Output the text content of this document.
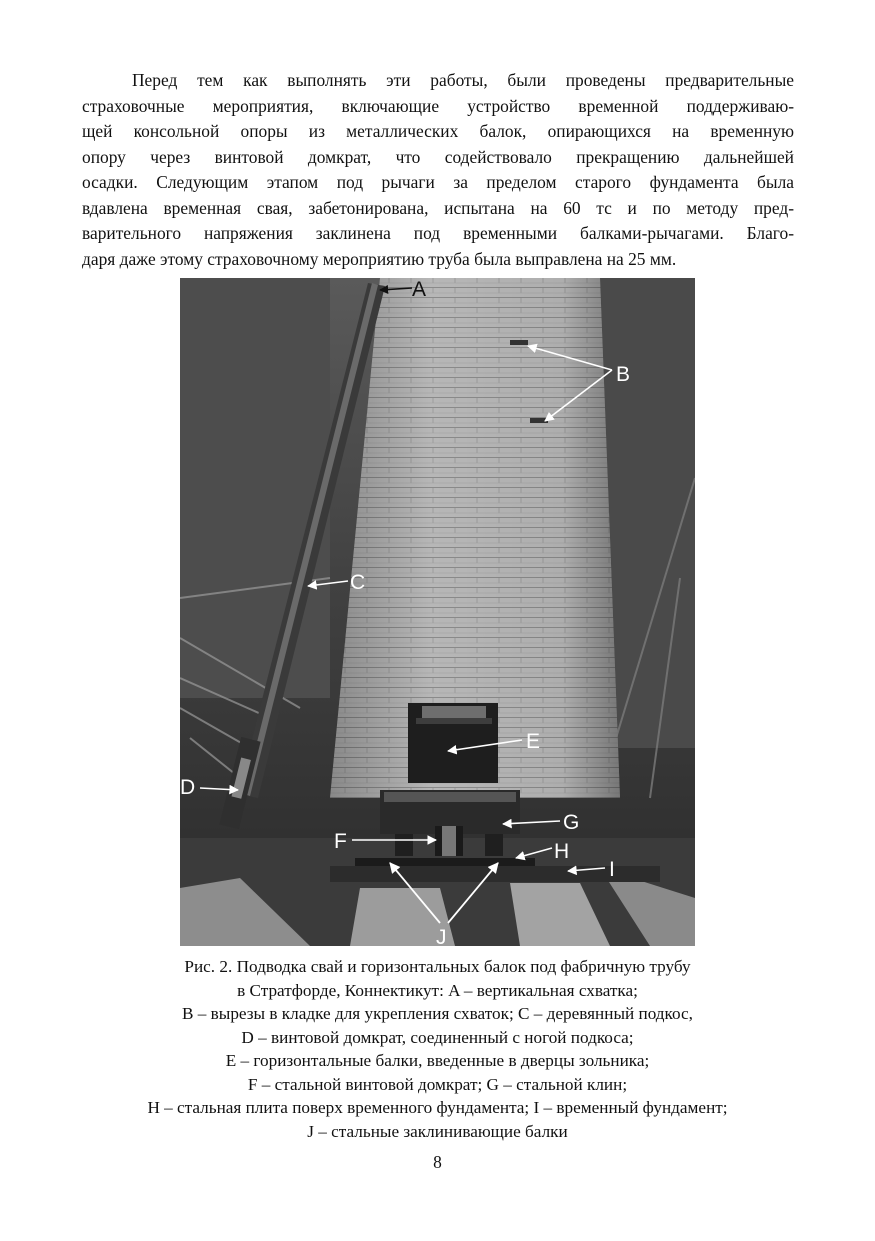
Перед тем как выполнять эти работы, были проведены предварительные
страховочные мероприятия, включающие устройство временной поддерживаю-
щей консольной опоры из металлических балок, опирающихся на временную
опору через винтовой домкрат, что содействовало прекращению дальнейшей
осадки. Следующим этапом под рычаги за пределом старого фундамента была
вдавлена временная свая, забетонирована, испытана на 60 тс и по методу пред-
варительного напряжения заклинена под временными балками-рычагами. Благо-
даря даже этому страховочному мероприятию труба была выправлена на 25 мм.

A
B
C
D
E
F
G
H
I
J
Рис. 2. Подводка свай и горизонтальных балок под фабричную трубу
в Стратфорде, Коннектикут: A – вертикальная схватка;
B – вырезы в кладке для укрепления схваток; C – деревянный подкос,
D – винтовой домкрат, соединенный с ногой подкоса;
E – горизонтальные балки, введенные в дверцы зольника;
F – стальной винтовой домкрат; G – стальной клин;
H – стальная плита поверх временного фундамента; I – временный фундамент;
J – стальные заклинивающие балки
8
